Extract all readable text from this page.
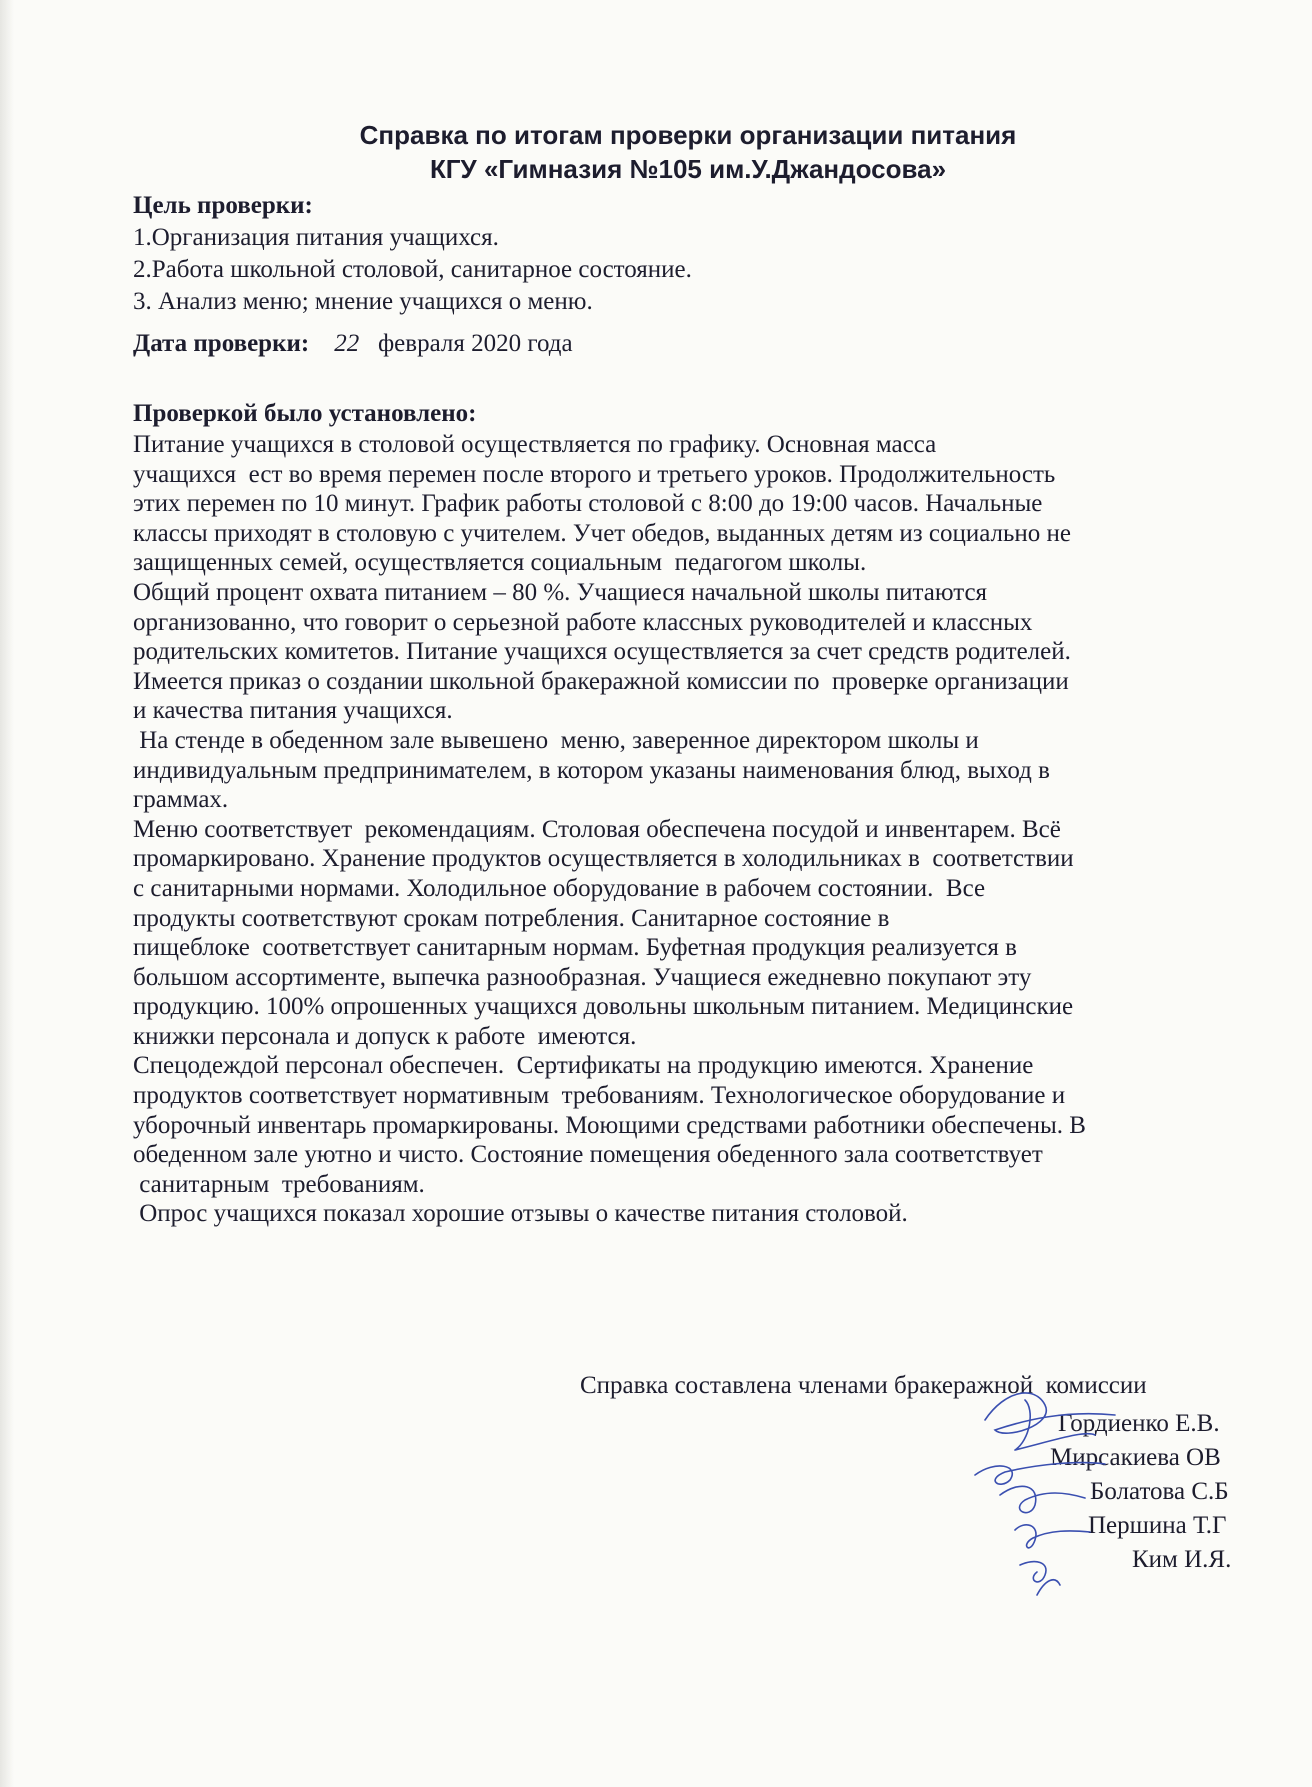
Справка по итогам проверки организации питания
КГУ «Гимназия №105 им.У.Джандосова»
Цель проверки:
1.Организация питания учащихся.
2.Работа школьной столовой, санитарное состояние.
3. Анализ меню; мнение учащихся о меню.
Дата проверки: 22 февраля 2020 года
Проверкой было установлено:
Питание учащихся в столовой осуществляется по графику. Основная масса
учащихся  ест во время перемен после второго и третьего уроков. Продолжительность
этих перемен по 10 минут. График работы столовой с 8:00 до 19:00 часов. Начальные
классы приходят в столовую с учителем. Учет обедов, выданных детям из социально не
защищенных семей, осуществляется социальным  педагогом школы.
Общий процент охвата питанием – 80 %. Учащиеся начальной школы питаются
организованно, что говорит о серьезной работе классных руководителей и классных
родительских комитетов. Питание учащихся осуществляется за счет средств родителей.
Имеется приказ о создании школьной бракеражной комиссии по  проверке организации
и качества питания учащихся.
На стенде в обеденном зале вывешено  меню, заверенное директором школы и
индивидуальным предпринимателем, в котором указаны наименования блюд, выход в
граммах.
Меню соответствует  рекомендациям. Столовая обеспечена посудой и инвентарем. Всё
промаркировано. Хранение продуктов осуществляется в холодильниках в  соответствии
с санитарными нормами. Холодильное оборудование в рабочем состоянии.  Все
продукты соответствуют срокам потребления. Санитарное состояние в
пищеблоке  соответствует санитарным нормам. Буфетная продукция реализуется в
большом ассортименте, выпечка разнообразная. Учащиеся ежедневно покупают эту
продукцию. 100% опрошенных учащихся довольны школьным питанием. Медицинские
книжки персонала и допуск к работе  имеются.
Спецодеждой персонал обеспечен.  Сертификаты на продукцию имеются. Хранение
продуктов соответствует нормативным  требованиям. Технологическое оборудование и
уборочный инвентарь промаркированы. Моющими средствами работники обеспечены. В
обеденном зале уютно и чисто. Состояние помещения обеденного зала соответствует
санитарным  требованиям.
Опрос учащихся показал хорошие отзывы о качестве питания столовой.
Справка составлена членами бракеражной  комиссии
Гордиенко Е.В.
Мирсакиева ОВ
Болатова С.Б
Першина Т.Г
Ким И.Я.
